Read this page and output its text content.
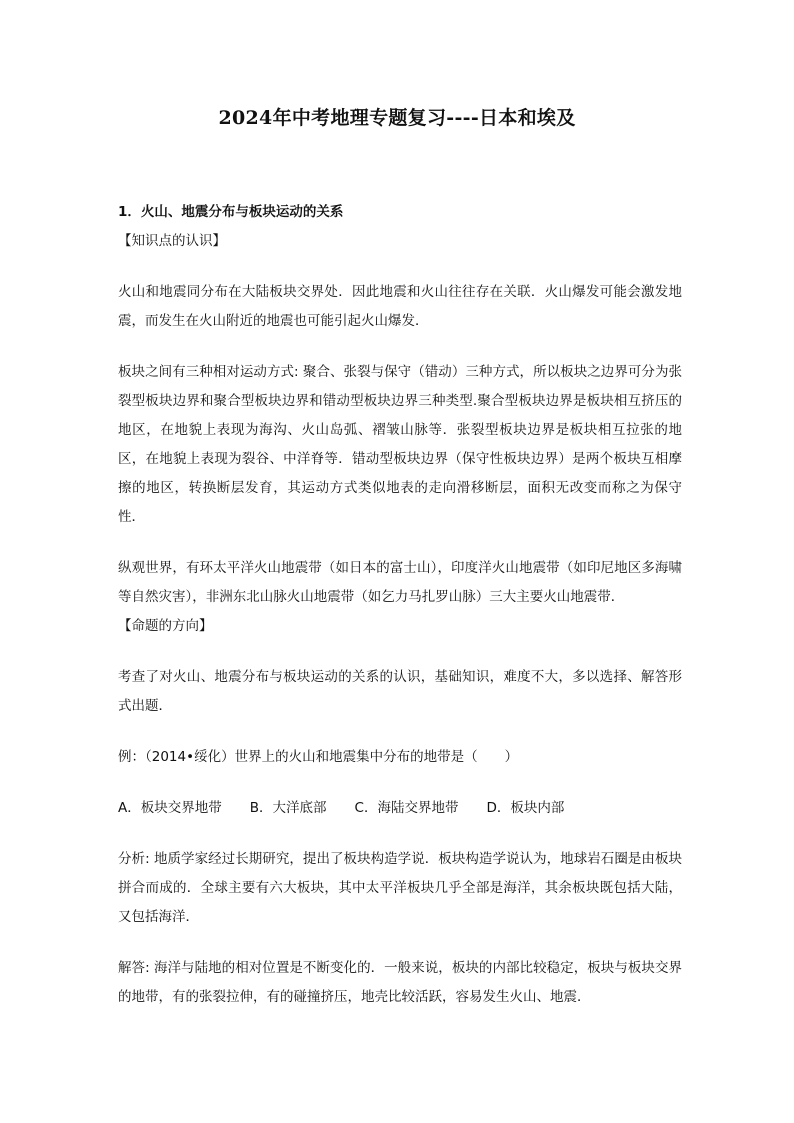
2024年中考地理专题复习----日本和埃及

1．火山、地震分布与板块运动的关系

【知识点的认识】

火山和地震同分布在大陆板块交界处．因此地震和火山往往存在关联．火山爆发可能会激发地震，而发生在火山附近的地震也可能引起火山爆发．

板块之间有三种相对运动方式: 聚合、张裂与保守（错动）三种方式，所以板块之边界可分为张裂型板块边界和聚合型板块边界和错动型板块边界三种类型.聚合型板块边界是板块相互挤压的地区，在地貌上表现为海沟、火山岛弧、褶皱山脉等．张裂型板块边界是板块相互拉张的地区，在地貌上表现为裂谷、中洋脊等．错动型板块边界（保守性板块边界）是两个板块互相摩擦的地区，转换断层发育，其运动方式类似地表的走向滑移断层，面积无改变而称之为保守性．

纵观世界，有环太平洋火山地震带（如日本的富士山），印度洋火山地震带（如印尼地区多海啸等自然灾害），非洲东北山脉火山地震带（如乞力马扎罗山脉）三大主要火山地震带．

【命题的方向】

考查了对火山、地震分布与板块运动的关系的认识，基础知识，难度不大，多以选择、解答形式出题．

例：（2014•绥化）世界上的火山和地震集中分布的地带是（　　）

A．板块交界地带 B．大洋底部 C．海陆交界地带 D．板块内部

分析: 地质学家经过长期研究，提出了板块构造学说．板块构造学说认为，地球岩石圈是由板块拼合而成的．全球主要有六大板块，其中太平洋板块几乎全部是海洋，其余板块既包括大陆，又包括海洋．

解答: 海洋与陆地的相对位置是不断变化的．一般来说，板块的内部比较稳定，板块与板块交界的地带，有的张裂拉伸，有的碰撞挤压，地壳比较活跃，容易发生火山、地震．
